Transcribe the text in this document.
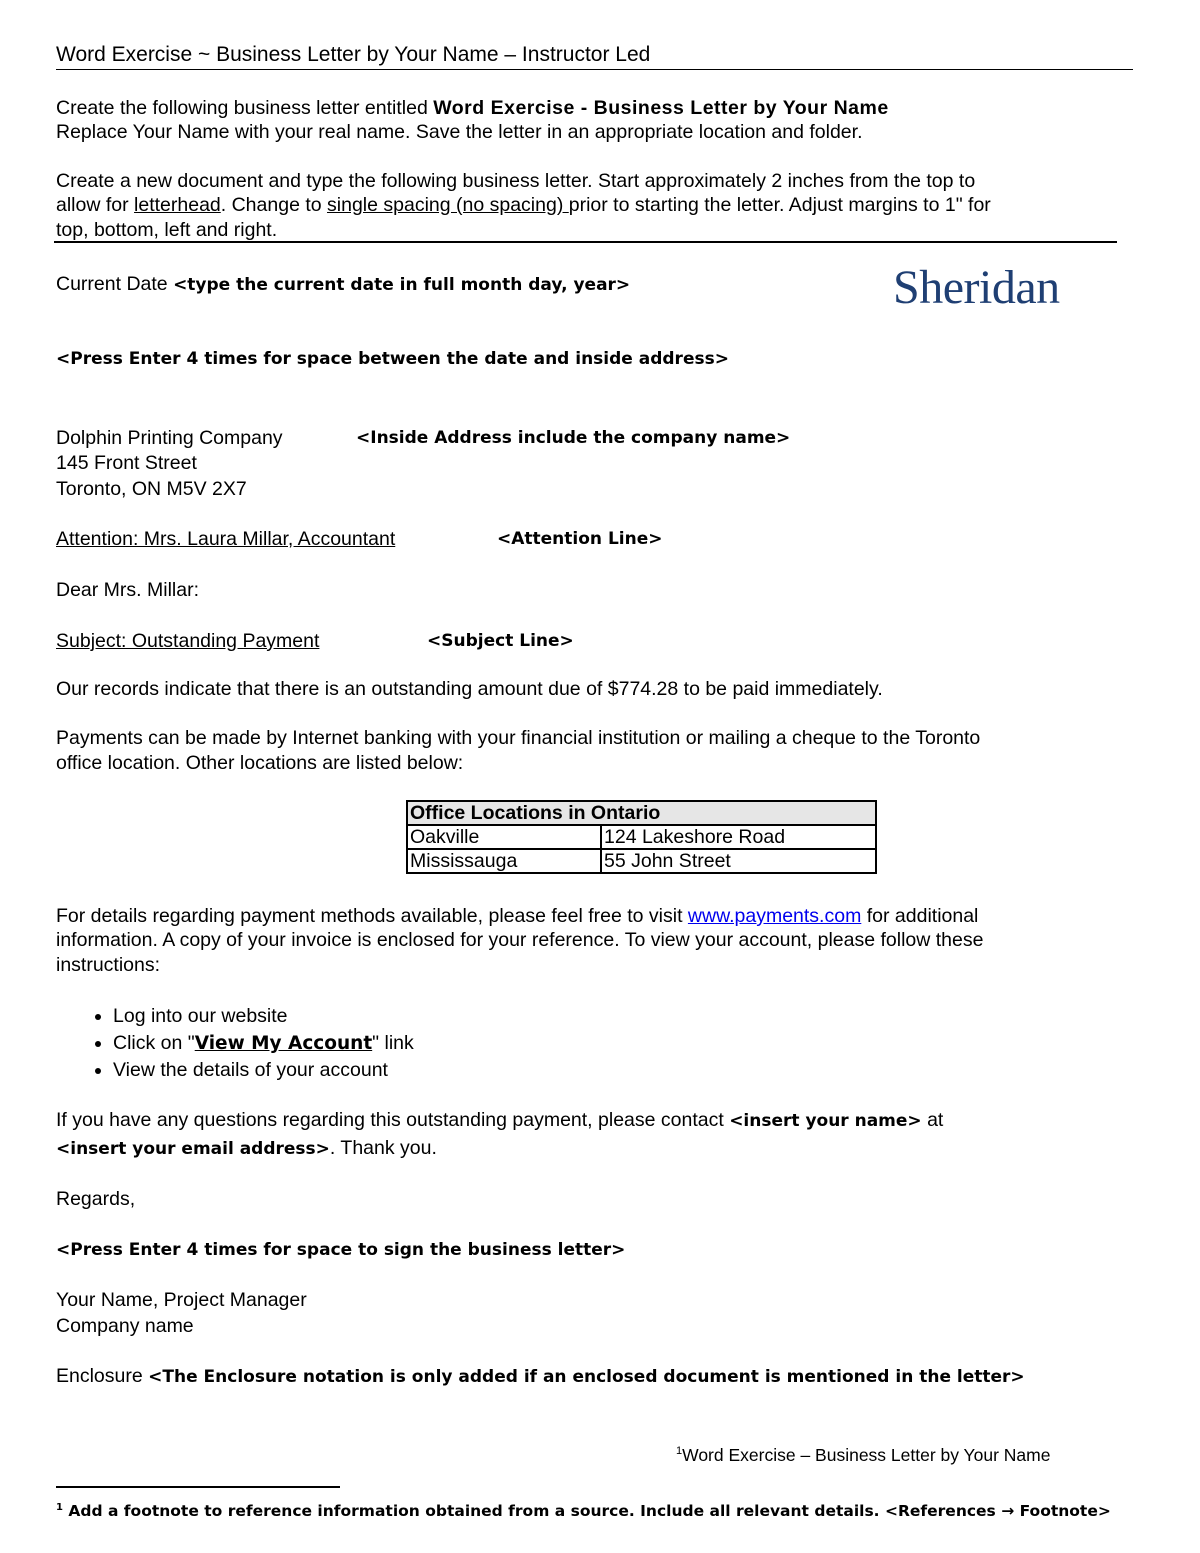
Word Exercise ~ Business Letter by Your Name – Instructor Led

Create the following business letter entitled Word Exercise - Business Letter by Your Name

Replace Your Name with your real name. Save the letter in an appropriate location and folder.

Create a new document and type the following business letter. Start approximately 2 inches from the top to

allow for letterhead. Change to single spacing (no spacing) prior to starting the letter. Adjust margins to 1" for

top, bottom, left and right.

Sheridan

Current Date <type the current date in full month day, year>

<Press Enter 4 times for space between the date and inside address>

Dolphin Printing Company	<Inside Address include the company name>

145 Front Street

Toronto, ON M5V 2X7

Attention: Mrs. Laura Millar, Accountant	<Attention Line>

Dear Mrs. Millar:

Subject: Outstanding Payment	<Subject Line>

Our records indicate that there is an outstanding amount due of $774.28 to be paid immediately.

Payments can be made by Internet banking with your financial institution or mailing a cheque to the Toronto

office location. Other locations are listed below:

Office Locations in Ontario	
Oakville	124 Lakeshore Road
Mississauga	55 John Street

For details regarding payment methods available, please feel free to visit www.payments.com for additional

information. A copy of your invoice is enclosed for your reference. To view your account, please follow these

instructions:

• Log into our website
• Click on "View My Account" link
• View the details of your account

If you have any questions regarding this outstanding payment, please contact <insert your name> at

<insert your email address>. Thank you.

Regards,

<Press Enter 4 times for space to sign the business letter>

Your Name, Project Manager

Company name

Enclosure <The Enclosure notation is only added if an enclosed document is mentioned in the letter>

$^1$Word Exercise – Business Letter by Your Name

$^1$ Add a footnote to reference information obtained from a source. Include all relevant details. <References → Footnote>
